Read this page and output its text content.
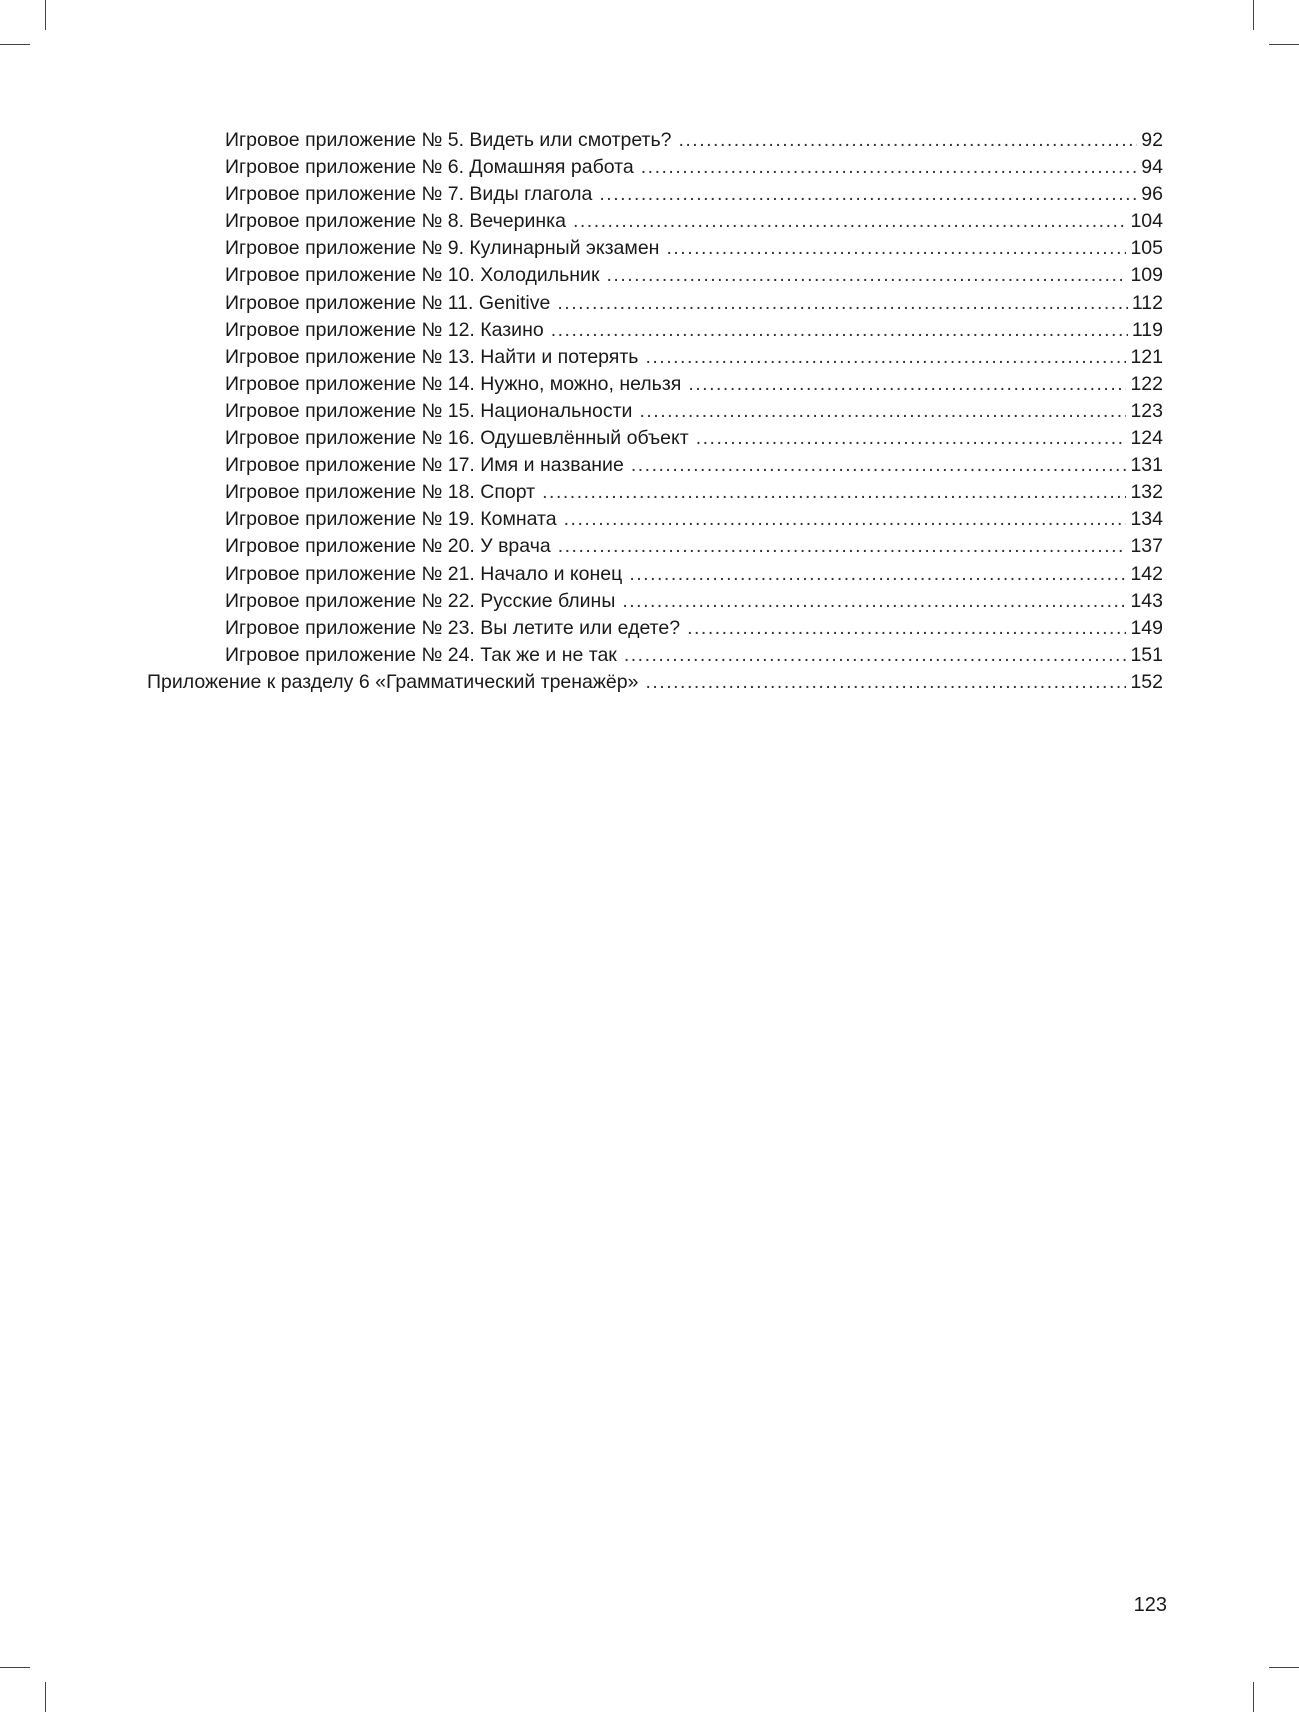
Игровое приложение № 5. Видеть или смотреть? .....	92
Игровое приложение № 6. Домашняя работа .....	94
Игровое приложение № 7. Виды глагола .....	96
Игровое приложение № 8. Вечеринка .....	104
Игровое приложение № 9. Кулинарный экзамен .....	105
Игровое приложение № 10. Холодильник .....	109
Игровое приложение № 11. Genitive .....	112
Игровое приложение № 12. Казино .....	119
Игровое приложение № 13. Найти и потерять .....	121
Игровое приложение № 14. Нужно, можно, нельзя .....	122
Игровое приложение № 15. Национальности .....	123
Игровое приложение № 16. Одушевлённый объект .....	124
Игровое приложение № 17. Имя и название .....	131
Игровое приложение № 18. Спорт .....	132
Игровое приложение № 19. Комната .....	134
Игровое приложение № 20. У врача .....	137
Игровое приложение № 21. Начало и конец .....	142
Игровое приложение № 22. Русские блины .....	143
Игровое приложение № 23. Вы летите или едете? .....	149
Игровое приложение № 24. Так же и не так .....	151
Приложение к разделу 6 «Грамматический тренажёр» .....	152
123
